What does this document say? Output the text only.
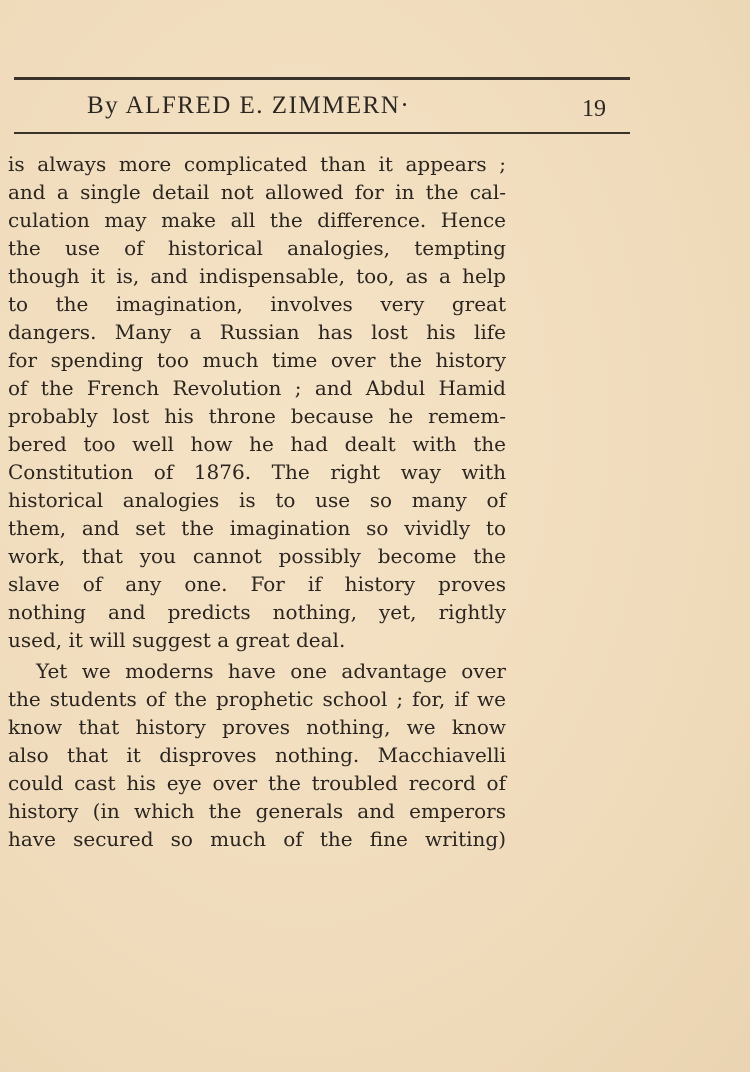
By ALFRED E. ZIMMERN·	19
is always more complicated than it appears ;
and a single detail not allowed for in the cal-
culation may make all the difference. Hence
the use of historical analogies, tempting
though it is, and indispensable, too, as a help
to the imagination, involves very great
dangers. Many a Russian has lost his life
for spending too much time over the history
of the French Revolution ; and Abdul Hamid
probably lost his throne because he remem-
bered too well how he had dealt with the
Constitution of 1876. The right way with
historical analogies is to use so many of
them, and set the imagination so vividly to
work, that you cannot possibly become the
slave of any one. For if history proves
nothing and predicts nothing, yet, rightly
used, it will suggest a great deal.
Yet we moderns have one advantage over
the students of the prophetic school ; for, if we
know that history proves nothing, we know
also that it disproves nothing. Macchiavelli
could cast his eye over the troubled record of
history (in which the generals and emperors
have secured so much of the fine writing)
